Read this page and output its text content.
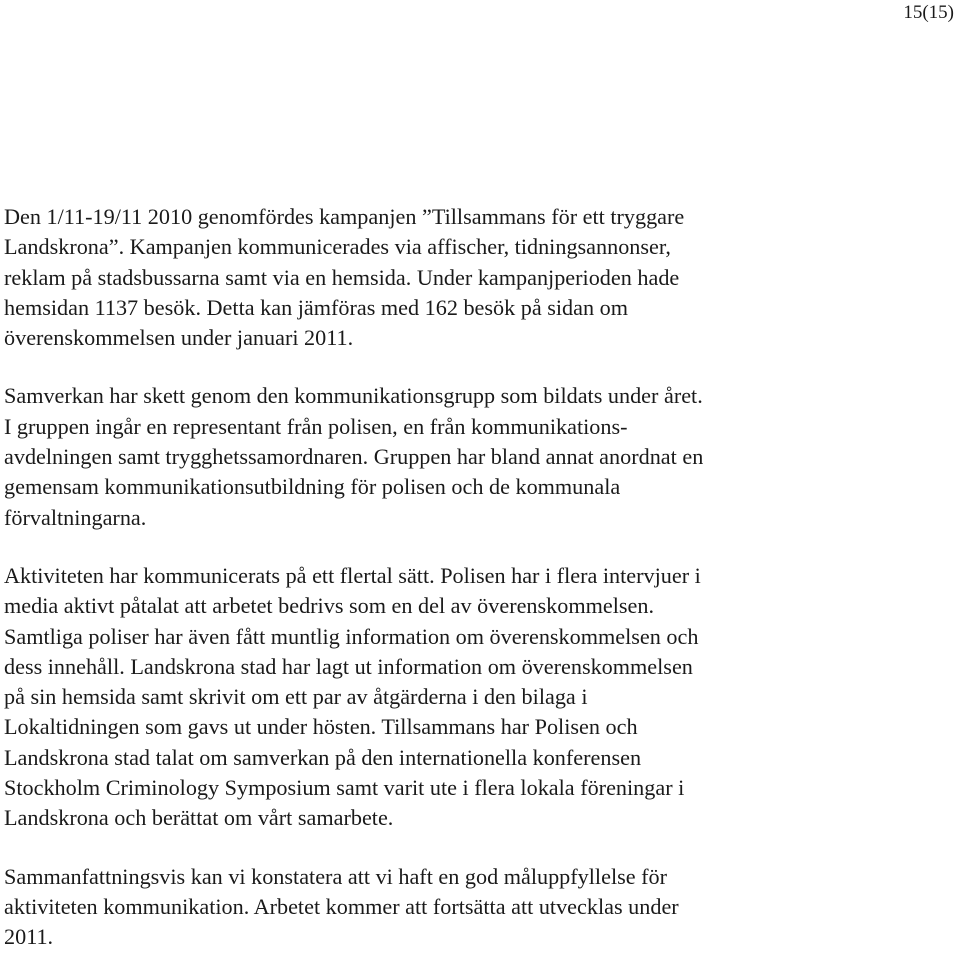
15(15)

Den 1/11-19/11 2010 genomfördes kampanjen ”Tillsammans för ett tryggare
Landskrona”. Kampanjen kommunicerades via affischer, tidningsannonser,
reklam på stadsbussarna samt via en hemsida. Under kampanjperioden hade
hemsidan 1137 besök. Detta kan jämföras med 162 besök på sidan om
överenskommelsen under januari 2011.

Samverkan har skett genom den kommunikationsgrupp som bildats under året.
I gruppen ingår en representant från polisen, en från kommunikations-
avdelningen samt trygghetssamordnaren. Gruppen har bland annat anordnat en
gemensam kommunikationsutbildning för polisen och de kommunala
förvaltningarna.

Aktiviteten har kommunicerats på ett flertal sätt. Polisen har i flera intervjuer i
media aktivt påtalat att arbetet bedrivs som en del av överenskommelsen.
Samtliga poliser har även fått muntlig information om överenskommelsen och
dess innehåll. Landskrona stad har lagt ut information om överenskommelsen
på sin hemsida samt skrivit om ett par av åtgärderna i den bilaga i
Lokaltidningen som gavs ut under hösten. Tillsammans har Polisen och
Landskrona stad talat om samverkan på den internationella konferensen
Stockholm Criminology Symposium samt varit ute i flera lokala föreningar i
Landskrona och berättat om vårt samarbete.

Sammanfattningsvis kan vi konstatera att vi haft en god måluppfyllelse för
aktiviteten kommunikation. Arbetet kommer att fortsätta att utvecklas under
2011.
